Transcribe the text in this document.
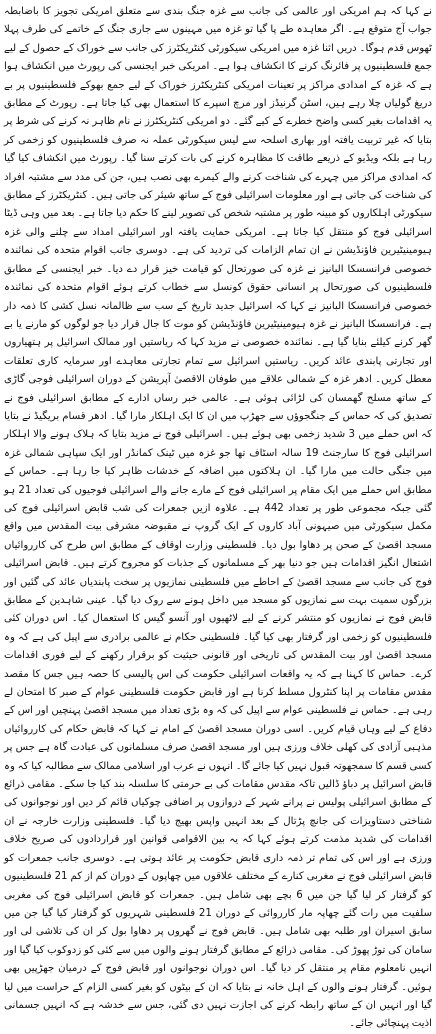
نے کہا کہ ہم امریکی اور عالمی کی جانب سے غزہ جنگ بندی سے متعلق امریکی تجویز کا باضابطہ جواب آج متوقع ہے۔ اگر معاہدہ طے پا گیا تو غزہ میں مہینوں سے جاری جنگ کے خاتمے کی طرف پہلا ٹھوس قدم ہوگا۔ دریں اثنا غزہ میں امریکی سیکورٹی کنٹریکٹرز کی جانب سے خوراک کے حصول کے لیے جمع فلسطینیوں پر فائرنگ کرنے کا انکشاف ہوا ہے۔ امریکی خبر ایجنسی کی رپورٹ میں انکشاف ہوا ہے کہ غزہ کے امدادی مراکز پر تعینات امریکی کنٹریکٹرز خوراک کے لیے جمع بھوکے فلسطینیوں پر بے دریغ گولیاں چلا رہے ہیں، اسٹن گرنیڈز اور مرچ اسپرے کا استعمال بھی کیا جاتا ہے۔ رپورٹ کے مطابق یہ اقدامات بغیر کسی واضح خطرے کے کیے گئے۔ دو امریکی کنٹریکٹرز نے نام ظاہر نہ کرنے کی شرط پر بتایا کہ غیر تربیت یافتہ اور بھاری اسلحہ سے لیس سیکورٹی عملہ نہ صرف فلسطینیوں کو زخمی کر رہا ہے بلکہ ویڈیو کے ذریعے طاقت کا مظاہرہ کرنے کی بات کرتے سنا گیا۔ رپورٹ میں انکشاف کیا گیا کہ امدادی مراکز میں چہرے کی شناخت کرنے والے کیمرے بھی نصب ہیں، جن کی مدد سے مشتبہ افراد کی شناخت کی جاتی ہے اور معلومات اسرائیلی فوج کے ساتھ شیئر کی جاتی ہیں۔ کنٹریکٹرز کے مطابق سیکورٹی اہلکاروں کو مبینہ طور پر مشتبہ شخص کی تصویر لینے کا حکم دیا جاتا ہے۔ بعد میں وہی ڈیٹا اسرائیلی فوج کو منتقل کیا جاتا ہے۔ امریکی حمایت یافتہ اور اسرائیلی امداد سے چلنے والی غزہ ہیومینیٹیرین فاؤنڈیشن نے ان تمام الزامات کی تردید کی ہے۔ دوسری جانب اقوام متحدہ کی نمائندہ خصوصی فرانسسکا البانیز نے غزہ کی صورتحال کو قیامت خیز قرار دے دیا۔ خبر ایجنسی کے مطابق فلسطینیوں کی صورتحال پر انسانی حقوق کونسل سے خطاب کرتے ہوئے اقوام متحدہ کی نمائندہ خصوصی فرانسسکا البانیز نے کہا کہ اسرائیل جدید تاریخ کے سب سے ظالمانہ نسل کشی کا ذمہ دار ہے۔ فرانسسکا البانیز نے غزہ ہیومینیٹیرین فاؤنڈیشن کو موت کا جال قرار دیا جو لوگوں کو مارنے یا بے گھر کرنے کیلئے بنایا گیا ہے۔ نمائندہ خصوصی نے مزید کہا کہ ریاستیں اور ممالک اسرائیل پر ہتھیاروں اور تجارتی پابندی عائد کریں۔ ریاستیں اسرائیل سے تمام تجارتی معاہدے اور سرمایہ کاری تعلقات معطل کریں۔ ادھر غزہ کے شمالی علاقے میں طوفان الاقصیٰ آپریشن کے دوران اسرائیلی فوجی گاڑی کے ساتھ مسلح گھمسان کی لڑائی ہوئی ہے۔ عالمی خبر رساں ادارے کے مطابق اسرائیلی فوج نے تصدیق کی کہ حماس کے جنگجوؤں سے جھڑپ میں ان کا ایک اہلکار مارا گیا۔ ادھر قسام بریگیڈ نے بتایا کہ اس حملے میں 3 شدید زخمی بھی ہوئے ہیں۔ اسرائیلی فوج نے مزید بتایا کہ ہلاک ہونے والا اہلکار اسرائیلی فوج کا سارجنٹ 19 سالہ اسٹاف تھا جو غزہ میں ٹینک کمانڈر اور ایک سپاہی شمالی غزہ میں جنگی حالت میں مارا گیا۔ ان ہلاکتوں میں اضافہ کے خدشات ظاہر کیا جا رہا ہے۔ حماس کے مطابق اس حملے میں ایک مقام پر اسرائیلی فوج کے مارے جانے والے اسرائیلی فوجیوں کی تعداد 21 ہو گئی جبکہ مجموعی طور پر تعداد 442 ہے۔ علاوہ ازیں جمعرات کی شب قابض اسرائیلی فوج کی مکمل سیکورٹی میں صیہونی آباد کاروں کے ایک گروپ نے مقبوضہ مشرقی بیت المقدس میں واقع مسجد اقصیٰ کے صحن پر دھاوا بول دیا۔ فلسطینی وزارت اوقاف کے مطابق اس طرح کی کارروائیاں اشتعال انگیز اقدامات ہیں جو دنیا بھر کے مسلمانوں کے جذبات کو مجروح کرتے ہیں۔ قابض اسرائیلی فوج کی جانب سے مسجد اقصیٰ کے احاطے میں فلسطینی نمازیوں پر سخت پابندیاں عائد کی گئیں اور بزرگوں سمیت بہت سے نمازیوں کو مسجد میں داخل ہونے سے روک دیا گیا۔ عینی شاہدین کے مطابق قابض فوج نے نمازیوں کو منتشر کرنے کے لیے لاٹھیوں اور آنسو گیس کا استعمال کیا۔ اس دوران کئی فلسطینیوں کو زخمی اور گرفتار بھی کیا گیا۔ فلسطینی حکام نے عالمی برادری سے اپیل کی ہے کہ وہ مسجد اقصیٰ اور بیت المقدس کی تاریخی اور قانونی حیثیت کو برقرار رکھنے کے لیے فوری اقدامات کرے۔ حماس کا کہنا ہے کہ یہ واقعات اسرائیلی حکومت کی اس پالیسی کا حصہ ہیں جس کا مقصد مقدس مقامات پر اپنا کنٹرول مسلط کرنا ہے اور قابض حکومت فلسطینی عوام کے صبر کا امتحان لے رہی ہے۔ حماس نے فلسطینی عوام سے اپیل کی کہ وہ بڑی تعداد میں مسجد اقصیٰ پہنچیں اور اس کے دفاع کے لیے وہاں قیام کریں۔ اسی دوران مسجد اقصیٰ کے امام نے کہا کہ قابض حکام کی کارروائیاں مذہبی آزادی کی کھلی خلاف ورزی ہیں اور مسجد اقصیٰ صرف مسلمانوں کی عبادت گاہ ہے جس پر کسی قسم کا سمجھوتہ قبول نہیں کیا جائے گا۔ انہوں نے عرب اور اسلامی ممالک سے مطالبہ کیا کہ وہ قابض اسرائیل پر دباؤ ڈالیں تاکہ مقدس مقامات کی بے حرمتی کا سلسلہ بند کیا جا سکے۔ مقامی ذرائع کے مطابق اسرائیلی پولیس نے پرانے شہر کے دروازوں پر اضافی چوکیاں قائم کر دیں اور نوجوانوں کی شناختی دستاویزات کی جانچ پڑتال کے بعد انہیں واپس بھیج دیا گیا۔ فلسطینی وزارت خارجہ نے ان اقدامات کی شدید مذمت کرتے ہوئے کہا کہ یہ بین الاقوامی قوانین اور قراردادوں کی صریح خلاف ورزی ہے اور اس کی تمام تر ذمہ داری قابض حکومت پر عائد ہوتی ہے۔ دوسری جانب جمعرات کو قابض اسرائیلی فوج نے مغربی کنارے کے مختلف علاقوں میں چھاپوں کے دوران کم از کم 21 فلسطینیوں کو گرفتار کر لیا گیا جن میں 6 بچے بھی شامل ہیں۔ جمعرات کو قابض اسرائیلی فوج کی مغربی سلفیت میں رات گئے چھاپہ مار کارروائی کے دوران 21 فلسطینی شہریوں کو گرفتار کیا گیا جن میں سابق اسیران اور طلبہ بھی شامل ہیں۔ قابض فوج نے گھروں پر دھاوا بول کر ان کی تلاشی لی اور سامان کی توڑ پھوڑ کی۔ مقامی ذرائع کے مطابق گرفتار ہونے والوں میں سے کئی کو زدوکوب کیا گیا اور انہیں نامعلوم مقام پر منتقل کر دیا گیا۔ اس دوران نوجوانوں اور قابض فوج کے درمیان جھڑپیں بھی ہوئیں۔ گرفتار ہونے والوں کے اہل خانہ نے بتایا کہ ان کے بیٹوں کو بغیر کسی الزام کے حراست میں لیا گیا اور انہیں ان کے ساتھ رابطہ کرنے کی اجازت نہیں دی گئی، جس سے خدشہ ہے کہ انہیں جسمانی اذیت پہنچائی جائے۔
